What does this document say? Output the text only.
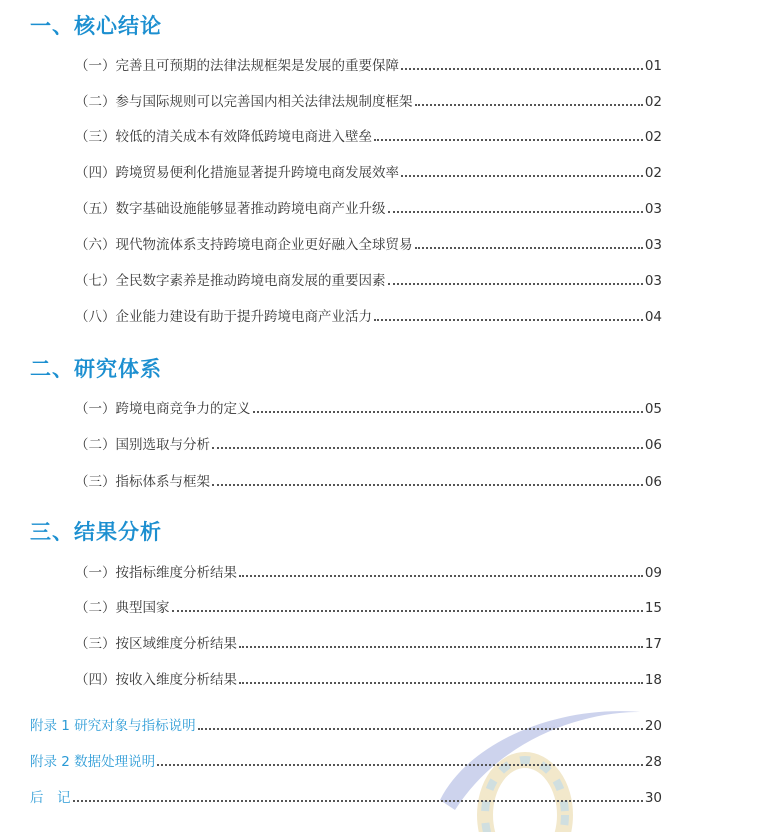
一、核心结论
（一）完善且可预期的法律法规框架是发展的重要保障	01
（二）参与国际规则可以完善国内相关法律法规制度框架	02
（三）较低的清关成本有效降低跨境电商进入壁垒	02
（四）跨境贸易便利化措施显著提升跨境电商发展效率	02
（五）数字基础设施能够显著推动跨境电商产业升级	03
（六）现代物流体系支持跨境电商企业更好融入全球贸易	03
（七）全民数字素养是推动跨境电商发展的重要因素	03
（八）企业能力建设有助于提升跨境电商产业活力	04
二、研究体系
（一）跨境电商竞争力的定义	05
（二）国别选取与分析	06
（三）指标体系与框架	06
三、结果分析
（一）按指标维度分析结果	09
（二）典型国家	15
（三）按区域维度分析结果	17
（四）按收入维度分析结果	18
附录 1 研究对象与指标说明	20
附录 2 数据处理说明	28
后　记	30
